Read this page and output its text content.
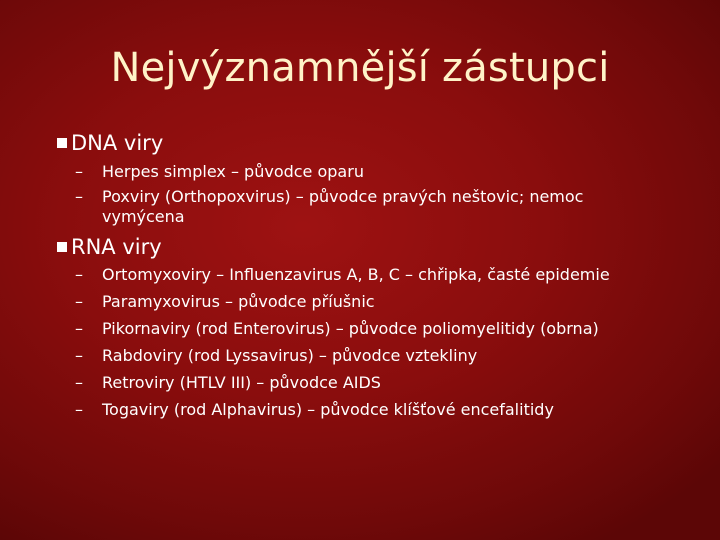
Nejvýznamnější zástupci
DNA viry
– Herpes simplex – původce oparu
– Poxviry (Orthopoxvirus) – původce pravých neštovic; nemoc vymýcena
RNA viry
– Ortomyxoviry – Influenzavirus A, B, C – chřipka, časté epidemie
– Paramyxovirus – původce příušnic
– Pikornaviry (rod Enterovirus) – původce poliomyelitidy (obrna)
– Rabdoviry (rod Lyssavirus) – původce vztekliny
– Retroviry (HTLV III) – původce AIDS
– Togaviry (rod Alphavirus) – původce klíšťové encefalitidy
